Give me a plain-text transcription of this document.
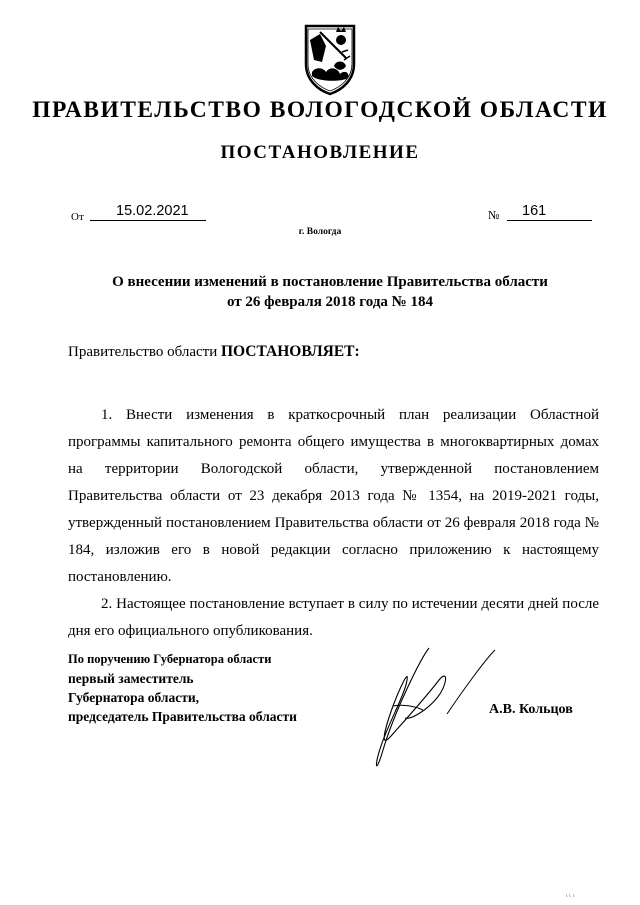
ПРАВИТЕЛЬСТВО ВОЛОГОДСКОЙ ОБЛАСТИ
ПОСТАНОВЛЕНИЕ
От	15.02.2021	№	161
г. Вологда
О внесении изменений в постановление Правительства области
от 26 февраля 2018 года № 184
Правительство области ПОСТАНОВЛЯЕТ:

1. Внести изменения в краткосрочный план реализации Областной программы капитального ремонта общего имущества в многоквартирных домах на территории Вологодской области, утвержденной постановлением Правительства области от 23 декабря 2013 года № 1354, на 2019-2021 годы, утвержденный постановлением Правительства области от 26 февраля 2018 года № 184, изложив его в новой редакции согласно приложению к настоящему постановлению.

2. Настоящее постановление вступает в силу по истечении десяти дней после дня его официального опубликования.

По поручению Губернатора области
первый заместитель
Губернатора области,
председатель Правительства области	А.В. Кольцов
ι ι ι
